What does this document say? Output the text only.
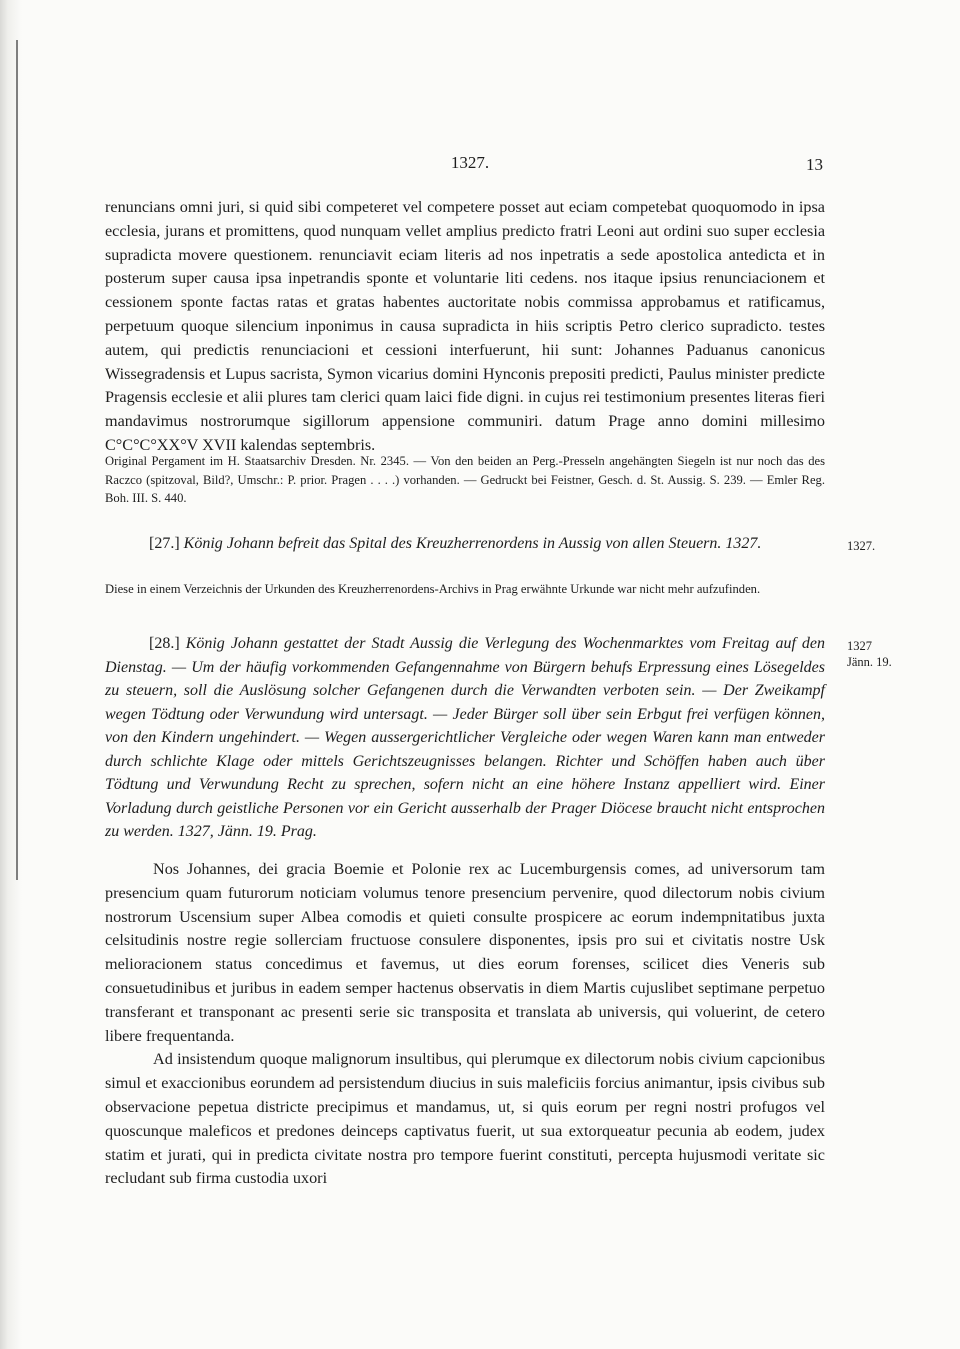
1327.	13

renuncians omni juri, si quid sibi competeret vel competere posset aut eciam competebat quoquomodo in ipsa ecclesia, jurans et promittens, quod nunquam vellet amplius predicto fratri Leoni aut ordini suo super ecclesia supradicta movere questionem. renunciavit eciam literis ad nos inpetratis a sede apostolica antedicta et in posterum super causa ipsa inpetrandis sponte et voluntarie liti cedens. nos itaque ipsius renunciacionem et cessionem sponte factas ratas et gratas habentes auctoritate nobis commissa approbamus et ratificamus, perpetuum quoque silencium inponimus in causa supradicta in hiis scriptis Petro clerico supradicto. testes autem, qui predictis renunciacioni et cessioni interfuerunt, hii sunt: Johannes Paduanus canonicus Wissegradensis et Lupus sacrista, Symon vicarius domini Hynconis prepositi predicti, Paulus minister predicte Pragensis ecclesie et alii plures tam clerici quam laici fide digni. in cujus rei testimonium presentes literas fieri mandavimus nostrorumque sigillorum appensione communiri. datum Prage anno domini millesimo C°C°C°XX°V XVII kalendas septembris.

Original Pergament im H. Staatsarchiv Dresden. Nr. 2345. — Von den beiden an Perg.-Presseln angehängten Siegeln ist nur noch das des Raczco (spitzoval, Bild?, Umschr.: P. prior. Pragen . . . .) vorhanden. — Gedruckt bei Feistner, Gesch. d. St. Aussig. S. 239. — Emler Reg. Boh. III. S. 440.

[27.] König Johann befreit das Spital des Kreuzherrenordens in Aussig von allen Steuern. 1327.	1327.

Diese in einem Verzeichnis der Urkunden des Kreuzherrenordens-Archivs in Prag erwähnte Urkunde war nicht mehr aufzufinden.

[28.] König Johann gestattet der Stadt Aussig die Verlegung des Wochenmarktes vom Freitag auf den Dienstag. — Um der häufig vorkommenden Gefangennahme von Bürgern behufs Erpressung eines Lösegeldes zu steuern, soll die Auslösung solcher Gefangenen durch die Verwandten verboten sein. — Der Zweikampf wegen Tödtung oder Verwundung wird untersagt. — Jeder Bürger soll über sein Erbgut frei verfügen können, von den Kindern ungehindert. — Wegen aussergerichtlicher Vergleiche oder wegen Waren kann man entweder durch schlichte Klage oder mittels Gerichtszeugnisses belangen. Richter und Schöffen haben auch über Tödtung und Verwundung Recht zu sprechen, sofern nicht an eine höhere Instanz appelliert wird. Einer Vorladung durch geistliche Personen vor ein Gericht ausserhalb der Prager Diöcese braucht nicht entsprochen zu werden. 1327, Jänn. 19. Prag.

1327
Jänn. 19.

Nos Johannes, dei gracia Boemie et Polonie rex ac Lucemburgensis comes, ad universorum tam presencium quam futurorum noticiam volumus tenore presencium pervenire, quod dilectorum nobis civium nostrorum Uscensium super Albea comodis et quieti consulte prospicere ac eorum indempnitatibus juxta celsitudinis nostre regie sollerciam fructuose consulere disponentes, ipsis pro sui et civitatis nostre Usk melioracionem status concedimus et favemus, ut dies eorum forenses, scilicet dies Veneris sub consuetudinibus et juribus in eadem semper hactenus observatis in diem Martis cujuslibet septimane perpetuo transferant et transponant ac presenti serie sic transposita et translata ab universis, qui voluerint, de cetero libere frequentanda.

Ad insistendum quoque malignorum insultibus, qui plerumque ex dilectorum nobis civium capcionibus simul et exaccionibus eorundem ad persistendum diucius in suis maleficiis forcius animantur, ipsis civibus sub observacione pepetua districte precipimus et mandamus, ut, si quis eorum per regni nostri profugos vel quoscunque maleficos et predones deinceps captivatus fuerit, ut sua extorqueatur pecunia ab eodem, judex statim et jurati, qui in predicta civitate nostra pro tempore fuerint constituti, percepta hujusmodi veritate sic recludant sub firma custodia uxori
